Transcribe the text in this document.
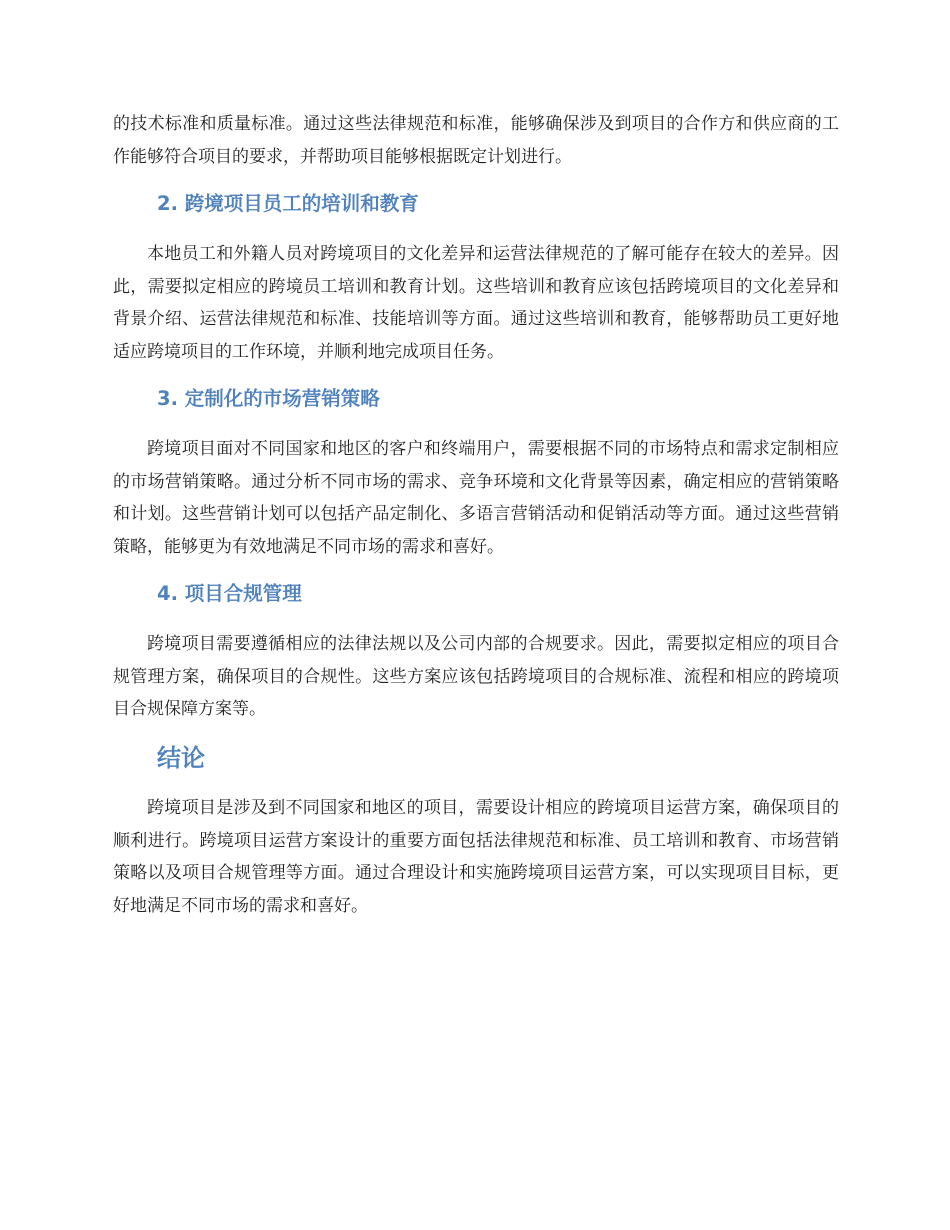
的技术标准和质量标准。通过这些法律规范和标准，能够确保涉及到项目的合作方和供应商的工作能够符合项目的要求，并帮助项目能够根据既定计划进行。

2. 跨境项目员工的培训和教育

本地员工和外籍人员对跨境项目的文化差异和运营法律规范的了解可能存在较大的差异。因此，需要拟定相应的跨境员工培训和教育计划。这些培训和教育应该包括跨境项目的文化差异和背景介绍、运营法律规范和标准、技能培训等方面。通过这些培训和教育，能够帮助员工更好地适应跨境项目的工作环境，并顺利地完成项目任务。

3. 定制化的市场营销策略

跨境项目面对不同国家和地区的客户和终端用户，需要根据不同的市场特点和需求定制相应的市场营销策略。通过分析不同市场的需求、竞争环境和文化背景等因素，确定相应的营销策略和计划。这些营销计划可以包括产品定制化、多语言营销活动和促销活动等方面。通过这些营销策略，能够更为有效地满足不同市场的需求和喜好。

4. 项目合规管理

跨境项目需要遵循相应的法律法规以及公司内部的合规要求。因此，需要拟定相应的项目合规管理方案，确保项目的合规性。这些方案应该包括跨境项目的合规标准、流程和相应的跨境项目合规保障方案等。

结论

跨境项目是涉及到不同国家和地区的项目，需要设计相应的跨境项目运营方案，确保项目的顺利进行。跨境项目运营方案设计的重要方面包括法律规范和标准、员工培训和教育、市场营销策略以及项目合规管理等方面。通过合理设计和实施跨境项目运营方案，可以实现项目目标，更好地满足不同市场的需求和喜好。
